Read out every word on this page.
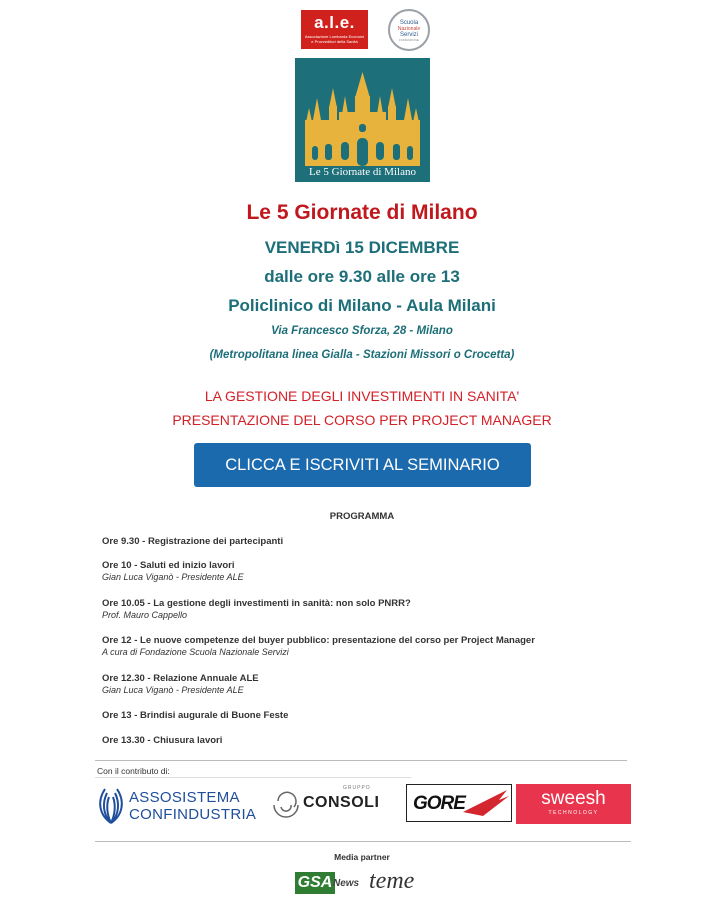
a.l.e.
Associazione Lombarda Economi e Provveditori della Sanità
Scuola
Nazionale
Servizi
FONDAZIONE
Le 5 Giornate di Milano
Le 5 Giornate di Milano
VENERDì 15 DICEMBRE
dalle ore 9.30 alle ore 13
Policlinico di Milano - Aula Milani
Via Francesco Sforza, 28 - Milano
(Metropolitana linea Gialla - Stazioni Missori o Crocetta)
LA GESTIONE DEGLI INVESTIMENTI IN SANITA'
PRESENTAZIONE DEL CORSO PER PROJECT MANAGER
CLICCA E ISCRIVITI AL SEMINARIO
PROGRAMMA
Ore 9.30 - Registrazione dei partecipanti
Ore 10 - Saluti ed inizio lavori
Gian Luca Viganò - Presidente ALE
Ore 10.05 - La gestione degli investimenti in sanità: non solo PNRR?
Prof. Mauro Cappello
Ore 12 - Le nuove competenze del buyer pubblico: presentazione del corso per Project Manager
A cura di Fondazione Scuola Nazionale Servizi
Ore 12.30 - Relazione Annuale ALE
Gian Luca Viganò - Presidente ALE
Ore 13 - Brindisi augurale di Buone Feste
Ore 13.30 - Chiusura lavori
Con il contributo di:
ASSOSISTEMA
CONFINDUSTRIA
GRUPPO
CONSOLI GORE	sweesh
TECHNOLOGY
Media partner
GSA News teme
